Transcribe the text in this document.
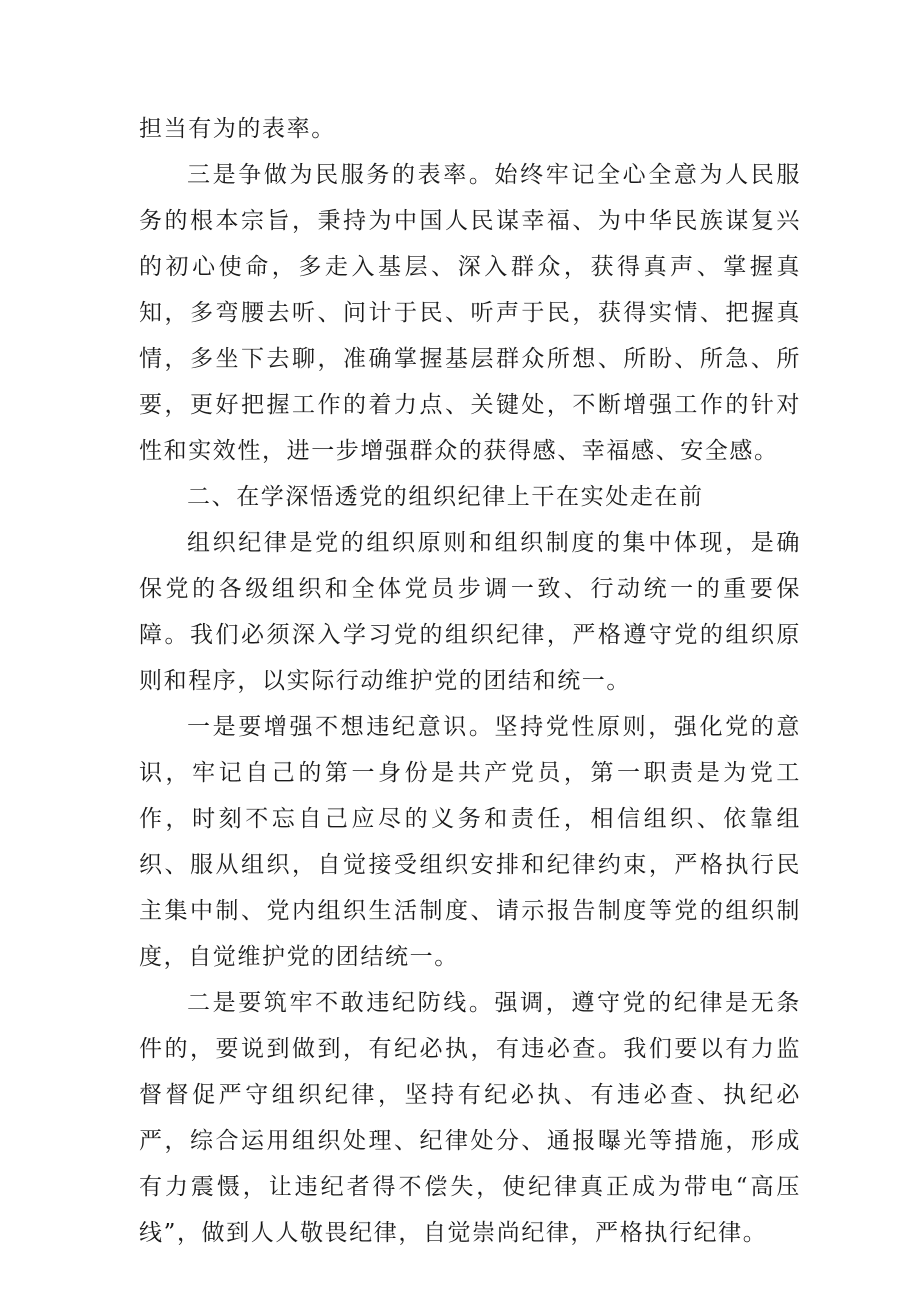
担当有为的表率。

三是争做为民服务的表率。始终牢记全心全意为人民服务的根本宗旨，秉持为中国人民谋幸福、为中华民族谋复兴的初心使命，多走入基层、深入群众，获得真声、掌握真知，多弯腰去听、问计于民、听声于民，获得实情、把握真情，多坐下去聊，准确掌握基层群众所想、所盼、所急、所要，更好把握工作的着力点、关键处，不断增强工作的针对性和实效性，进一步增强群众的获得感、幸福感、安全感。

二、在学深悟透党的组织纪律上干在实处走在前

组织纪律是党的组织原则和组织制度的集中体现，是确保党的各级组织和全体党员步调一致、行动统一的重要保障。我们必须深入学习党的组织纪律，严格遵守党的组织原则和程序，以实际行动维护党的团结和统一。

一是要增强不想违纪意识。坚持党性原则，强化党的意识，牢记自己的第一身份是共产党员，第一职责是为党工作，时刻不忘自己应尽的义务和责任，相信组织、依靠组织、服从组织，自觉接受组织安排和纪律约束，严格执行民主集中制、党内组织生活制度、请示报告制度等党的组织制度，自觉维护党的团结统一。

二是要筑牢不敢违纪防线。强调，遵守党的纪律是无条件的，要说到做到，有纪必执，有违必查。我们要以有力监督督促严守组织纪律，坚持有纪必执、有违必查、执纪必严，综合运用组织处理、纪律处分、通报曝光等措施，形成有力震慑，让违纪者得不偿失，使纪律真正成为带电“高压线”，做到人人敬畏纪律，自觉崇尚纪律，严格执行纪律。
